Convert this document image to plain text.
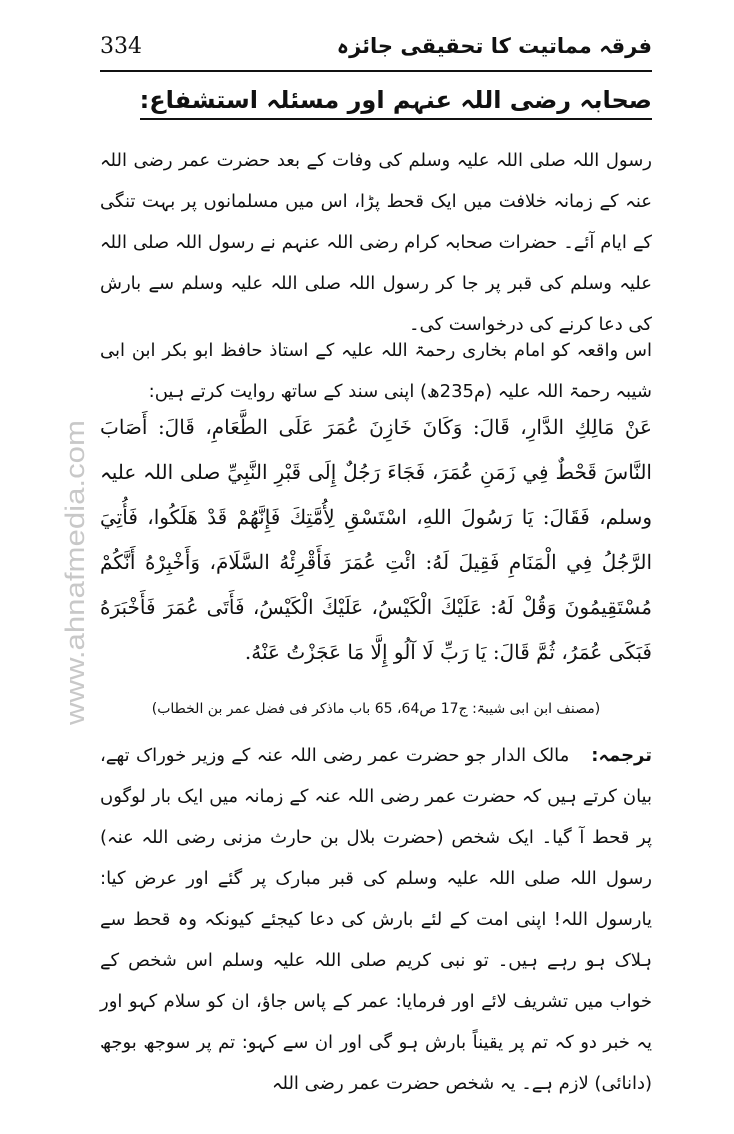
334	فرقہ مماتیت کا تحقیقی جائزہ
صحابہ رضی اللہ عنہم اور مسئلہ استشفاع:

رسول اللہ صلی اللہ علیہ وسلم کی وفات کے بعد حضرت عمر رضی اللہ عنہ کے زمانہ خلافت میں ایک قحط پڑا، اس میں مسلمانوں پر بہت تنگی کے ایام آئے۔ حضرات صحابہ کرام رضی اللہ عنہم نے رسول اللہ صلی اللہ علیہ وسلم کی قبر پر جا کر رسول اللہ صلی اللہ علیہ وسلم سے بارش کی دعا کرنے کی درخواست کی۔

اس واقعہ کو امام بخاری رحمۃ اللہ علیہ کے استاذ حافظ ابو بکر ابن ابی شیبہ رحمۃ اللہ علیہ (م235ھ) اپنی سند کے ساتھ روایت کرتے ہیں:

عَنْ مَالِكِ الدَّارِ، قَالَ: وَكَانَ خَازِنَ عُمَرَ عَلَى الطَّعَامِ، قَالَ: أَصَابَ النَّاسَ قَحْطٌ فِي زَمَنِ عُمَرَ، فَجَاءَ رَجُلٌ إِلَى قَبْرِ النَّبِيِّ صلی اللہ علیہ وسلم، فَقَالَ: يَا رَسُولَ اللهِ، اسْتَسْقِ لِأُمَّتِكَ فَإِنَّهُمْ قَدْ هَلَكُوا، فَأُتِيَ الرَّجُلُ فِي الْمَنَامِ فَقِيلَ لَهُ: ائْتِ عُمَرَ فَأَقْرِئْهُ السَّلَامَ، وَأَخْبِرْهُ أَنَّكُمْ مُسْتَقِيمُونَ وَقُلْ لَهُ: عَلَيْكَ الْكَيْسُ، عَلَيْكَ الْكَيْسُ، فَأَتَى عُمَرَ فَأَخْبَرَهُ فَبَكَى عُمَرُ، ثُمَّ قَالَ: يَا رَبِّ لَا آلُو إِلَّا مَا عَجَزْتُ عَنْهُ.

(مصنف ابن ابی شیبۃ: ج17 ص64، 65 باب ماذکر فی فضل عمر بن الخطاب)

ترجمہ:مالک الدار جو حضرت عمر رضی اللہ عنہ کے وزیر خوراک تھے، بیان کرتے ہیں کہ حضرت عمر رضی اللہ عنہ کے زمانہ میں ایک بار لوگوں پر قحط آ گیا۔ ایک شخص (حضرت بلال بن حارث مزنی رضی اللہ عنہ) رسول اللہ صلی اللہ علیہ وسلم کی قبر مبارک پر گئے اور عرض کیا: یارسول اللہ! اپنی امت کے لئے بارش کی دعا کیجئے کیونکہ وہ قحط سے ہلاک ہو رہے ہیں۔ تو نبی کریم صلی اللہ علیہ وسلم اس شخص کے خواب میں تشریف لائے اور فرمایا: عمر کے پاس جاؤ، ان کو سلام کہو اور یہ خبر دو کہ تم پر یقیناً بارش ہو گی اور ان سے کہو: تم پر سوجھ بوجھ (دانائی) لازم ہے۔ یہ شخص حضرت عمر رضی اللہ

www.ahnafmedia.com
